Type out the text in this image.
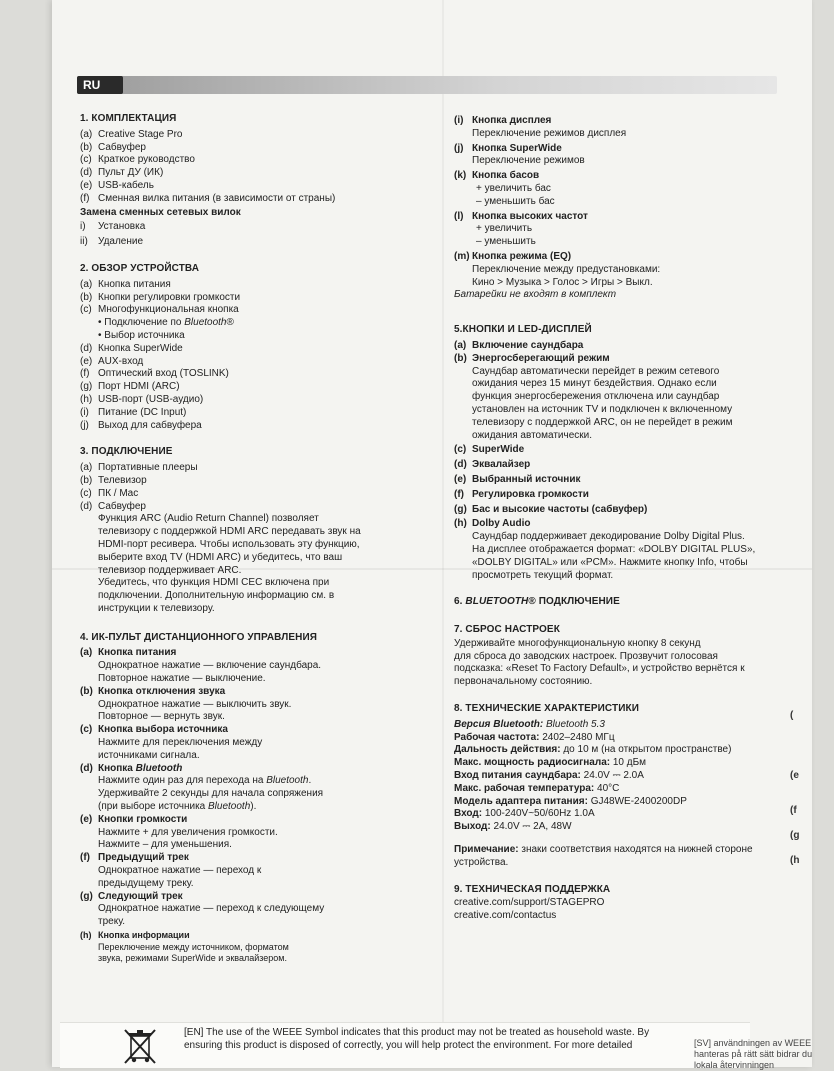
RU
1. КОМПЛЕКТАЦИЯ
(a) Creative Stage Pro
(b) Сабвуфер
(c) Краткое руководство
(d) Пульт ДУ (ИК)
(e) USB-кабель
(f) Сменная вилка питания (в зависимости от страны)
Замена сменных сетевых вилок
i)	Установка
ii)	Удаление
2. ОБЗОР УСТРОЙСТВА
(a) Кнопка питания
(b) Кнопки регулировки громкости
(c) Многофункциональная кнопка
• Подключение по Bluetooth®
• Выбор источника
(d) Кнопка SuperWide
(e) AUX-вход
(f) Оптический вход (TOSLINK)
(g) Порт HDMI (ARC)
(h) USB-порт (USB-аудио)
(i) Питание (DC Input)
(j) Выход для сабвуфера
3. ПОДКЛЮЧЕНИЕ
(a) Портативные плееры
(b) Телевизор
(c) ПК / Mac
(d) Сабвуфер
Функция ARC (Audio Return Channel) позволяет
телевизору с поддержкой HDMI ARC передавать звук на
HDMI-порт ресивера. Чтобы использовать эту функцию,
выберите вход TV (HDMI ARC) и убедитесь, что ваш
телевизор поддерживает ARC.
Убедитесь, что функция HDMI CEC включена при
подключении. Дополнительную информацию см. в
инструкции к телевизору.
4. ИК-ПУЛЬТ ДИСТАНЦИОННОГО УПРАВЛЕНИЯ
(a) Кнопка питания
Однократное нажатие — включение саундбара.
Повторное нажатие — выключение.
(b) Кнопка отключения звука
Однократное нажатие — выключить звук.
Повторное — вернуть звук.
(c) Кнопка выбора источника
Нажмите для переключения между
источниками сигнала.
(d) Кнопка Bluetooth
Нажмите один раз для перехода на Bluetooth.
Удерживайте 2 секунды для начала сопряжения
(при выборе источника Bluetooth).
(e) Кнопки громкости
Нажмите + для увеличения громкости.
Нажмите – для уменьшения.
(f) Предыдущий трек
Однократное нажатие — переход к
предыдущему треку.
(g) Следующий трек
Однократное нажатие — переход к следующему
треку.
(h) Кнопка информации
Переключение между источником, форматом
звука, режимами SuperWide и эквалайзером.
(i) Кнопка дисплея
Переключение режимов дисплея
(j) Кнопка SuperWide
Переключение режимов
(k) Кнопка басов
+ увеличить бас
– уменьшить бас
(l) Кнопка высоких частот
+ увеличить
– уменьшить
(m) Кнопка режима (EQ)
Переключение между предустановками:
Кино > Музыка > Голос > Игры > Выкл.
Батарейки не входят в комплект
5.КНОПКИ И LED-ДИСПЛЕЙ
(a) Включение саундбара
(b) Энергосберегающий режим
Саундбар автоматически перейдет в режим сетевого
ожидания через 15 минут бездействия. Однако если
функция энергосбережения отключена или саундбар
установлен на источник TV и подключен к включенному
телевизору с поддержкой ARC, он не перейдет в режим
ожидания автоматически.
(c) SuperWide
(d) Эквалайзер
(e) Выбранный источник
(f) Регулировка громкости
(g) Бас и высокие частоты (сабвуфер)
(h) Dolby Audio
Саундбар поддерживает декодирование Dolby Digital Plus.
На дисплее отображается формат: «DOLBY DIGITAL PLUS»,
«DOLBY DIGITAL» или «PCM». Нажмите кнопку Info, чтобы
просмотреть текущий формат.
6. BLUETOOTH® ПОДКЛЮЧЕНИЕ
7. СБРОС НАСТРОЕК
Удерживайте многофункциональную кнопку 8 секунд
для сброса до заводских настроек. Прозвучит голосовая
подсказка: «Reset To Factory Default», и устройство вернётся к
первоначальному состоянию.
8. ТЕХНИЧЕСКИЕ ХАРАКТЕРИСТИКИ
Версия Bluetooth: Bluetooth 5.3
Рабочая частота: 2402–2480 МГц
Дальность действия: до 10 м (на открытом пространстве)
Макс. мощность радиосигнала: 10 дБм
Вход питания саундбара: 24.0V ⎓ 2.0A
Макс. рабочая температура: 40°C
Модель адаптера питания: GJ48WE-2400200DP
Вход: 100-240V~50/60Hz 1.0A
Выход: 24.0V ⎓ 2A, 48W
Примечание: знаки соответствия находятся на нижней стороне
устройства.
9. ТЕХНИЧЕСКАЯ ПОДДЕРЖКА
creative.com/support/STAGEPRO
creative.com/contactus
(
(e
(f
(g
(h
[EN] The use of the WEEE Symbol indicates that this product may not be treated as household waste. By
ensuring this product is disposed of correctly, you will help protect the environment. For more detailed	[SV] användningen av WEEE
hanteras på rätt sätt bidrar du
lokala återvinningen
